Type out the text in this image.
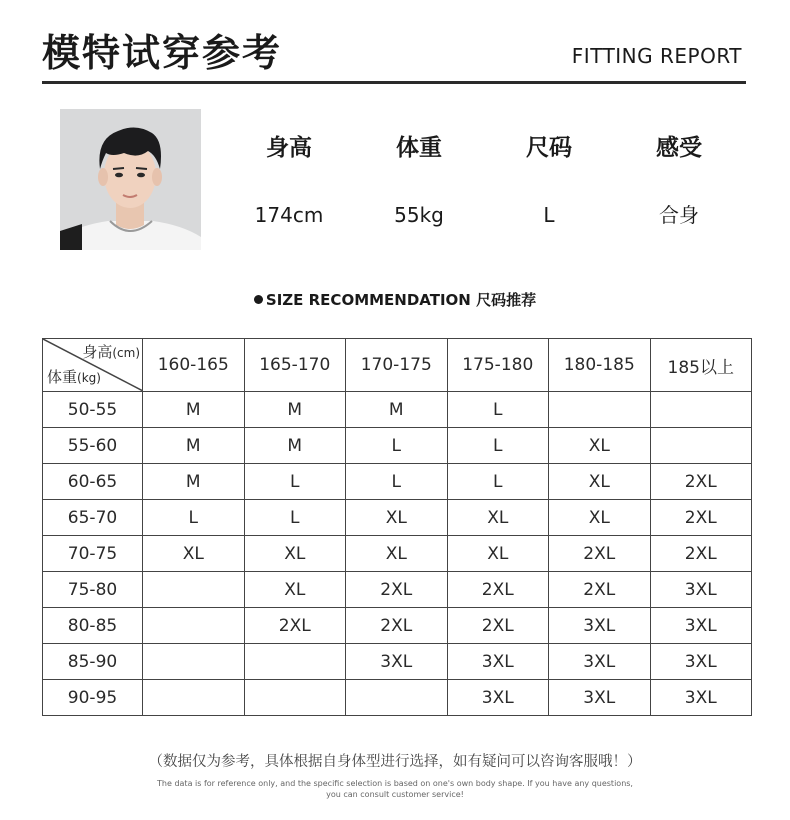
模特试穿参考	FITTING REPORT
身高	体重	尺码	感受
174cm	55kg	L	合身
SIZE RECOMMENDATION 尺码推荐
身高(cm)
体重(kg)	160-165	165-170	170-175	175-180	180-185	185以上
50-55	M	M	M	L		
55-60	M	M	L	L	XL	
60-65	M	L	L	L	XL	2XL
65-70	L	L	XL	XL	XL	2XL
70-75	XL	XL	XL	XL	2XL	2XL
75-80		XL	2XL	2XL	2XL	3XL
80-85		2XL	2XL	2XL	3XL	3XL
85-90			3XL	3XL	3XL	3XL
90-95				3XL	3XL	3XL
（数据仅为参考，具体根据自身体型进行选择，如有疑问可以咨询客服哦！）
The data is for reference only, and the specific selection is based on one's own body shape. If you have any questions,
you can consult customer service!
